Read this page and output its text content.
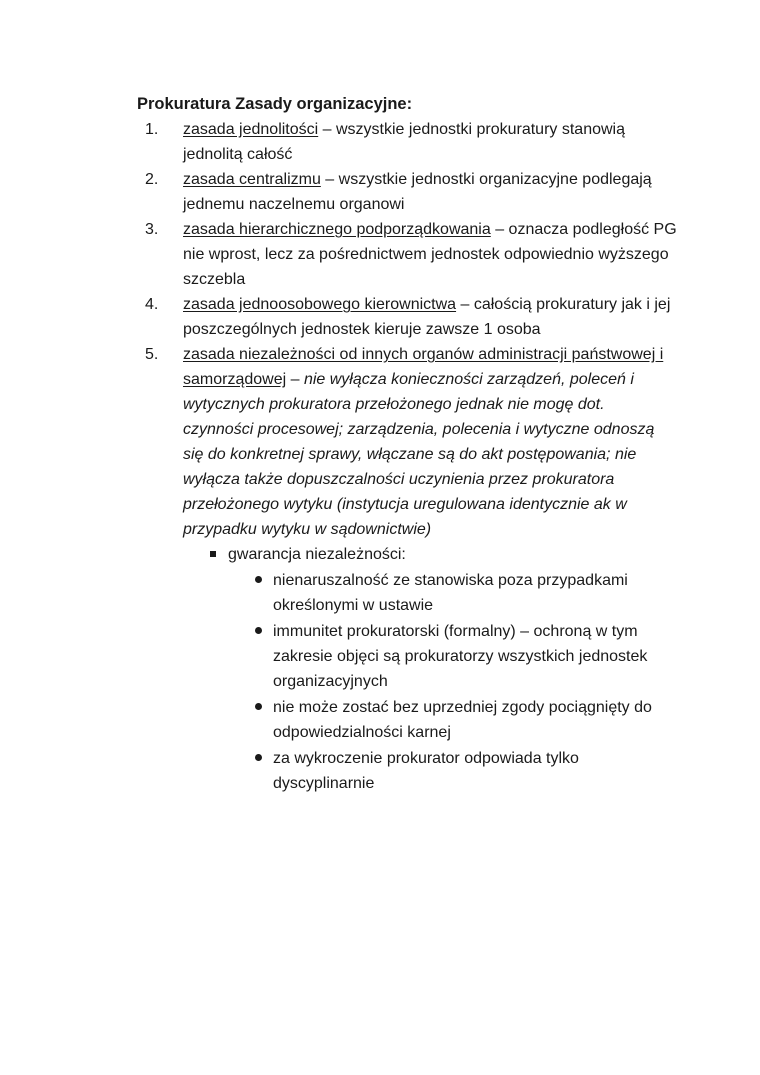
Prokuratura Zasady organizacyjne:

1. zasada jednolitości – wszystkie jednostki prokuratury stanowią jednolitą całość
2. zasada centralizmu – wszystkie jednostki organizacyjne podlegają jednemu naczelnemu organowi
3. zasada hierarchicznego podporządkowania – oznacza podległość PG nie wprost, lecz za pośrednictwem jednostek odpowiednio wyższego szczebla
4. zasada jednoosobowego kierownictwa – całością prokuratury jak i jej poszczególnych jednostek kieruje zawsze 1 osoba
5. zasada niezależności od innych organów administracji państwowej i samorządowej – nie wyłącza konieczności zarządzeń, poleceń i wytycznych prokuratora przełożonego jednak nie mogę dot. czynności procesowej; zarządzenia, polecenia i wytyczne odnoszą się do konkretnej sprawy, włączane są do akt postępowania; nie wyłącza także dopuszczalności uczynienia przez prokuratora przełożonego wytyku (instytucja uregulowana identycznie ak w przypadku wytyku w sądownictwie)
gwarancja niezależności:
nienaruszalność ze stanowiska poza przypadkami określonymi w ustawie
immunitet prokuratorski (formalny) – ochroną w tym zakresie objęci są prokuratorzy wszystkich jednostek organizacyjnych
nie może zostać bez uprzedniej zgody pociągnięty do odpowiedzialności karnej
za wykroczenie prokurator odpowiada tylko dyscyplinarnie
